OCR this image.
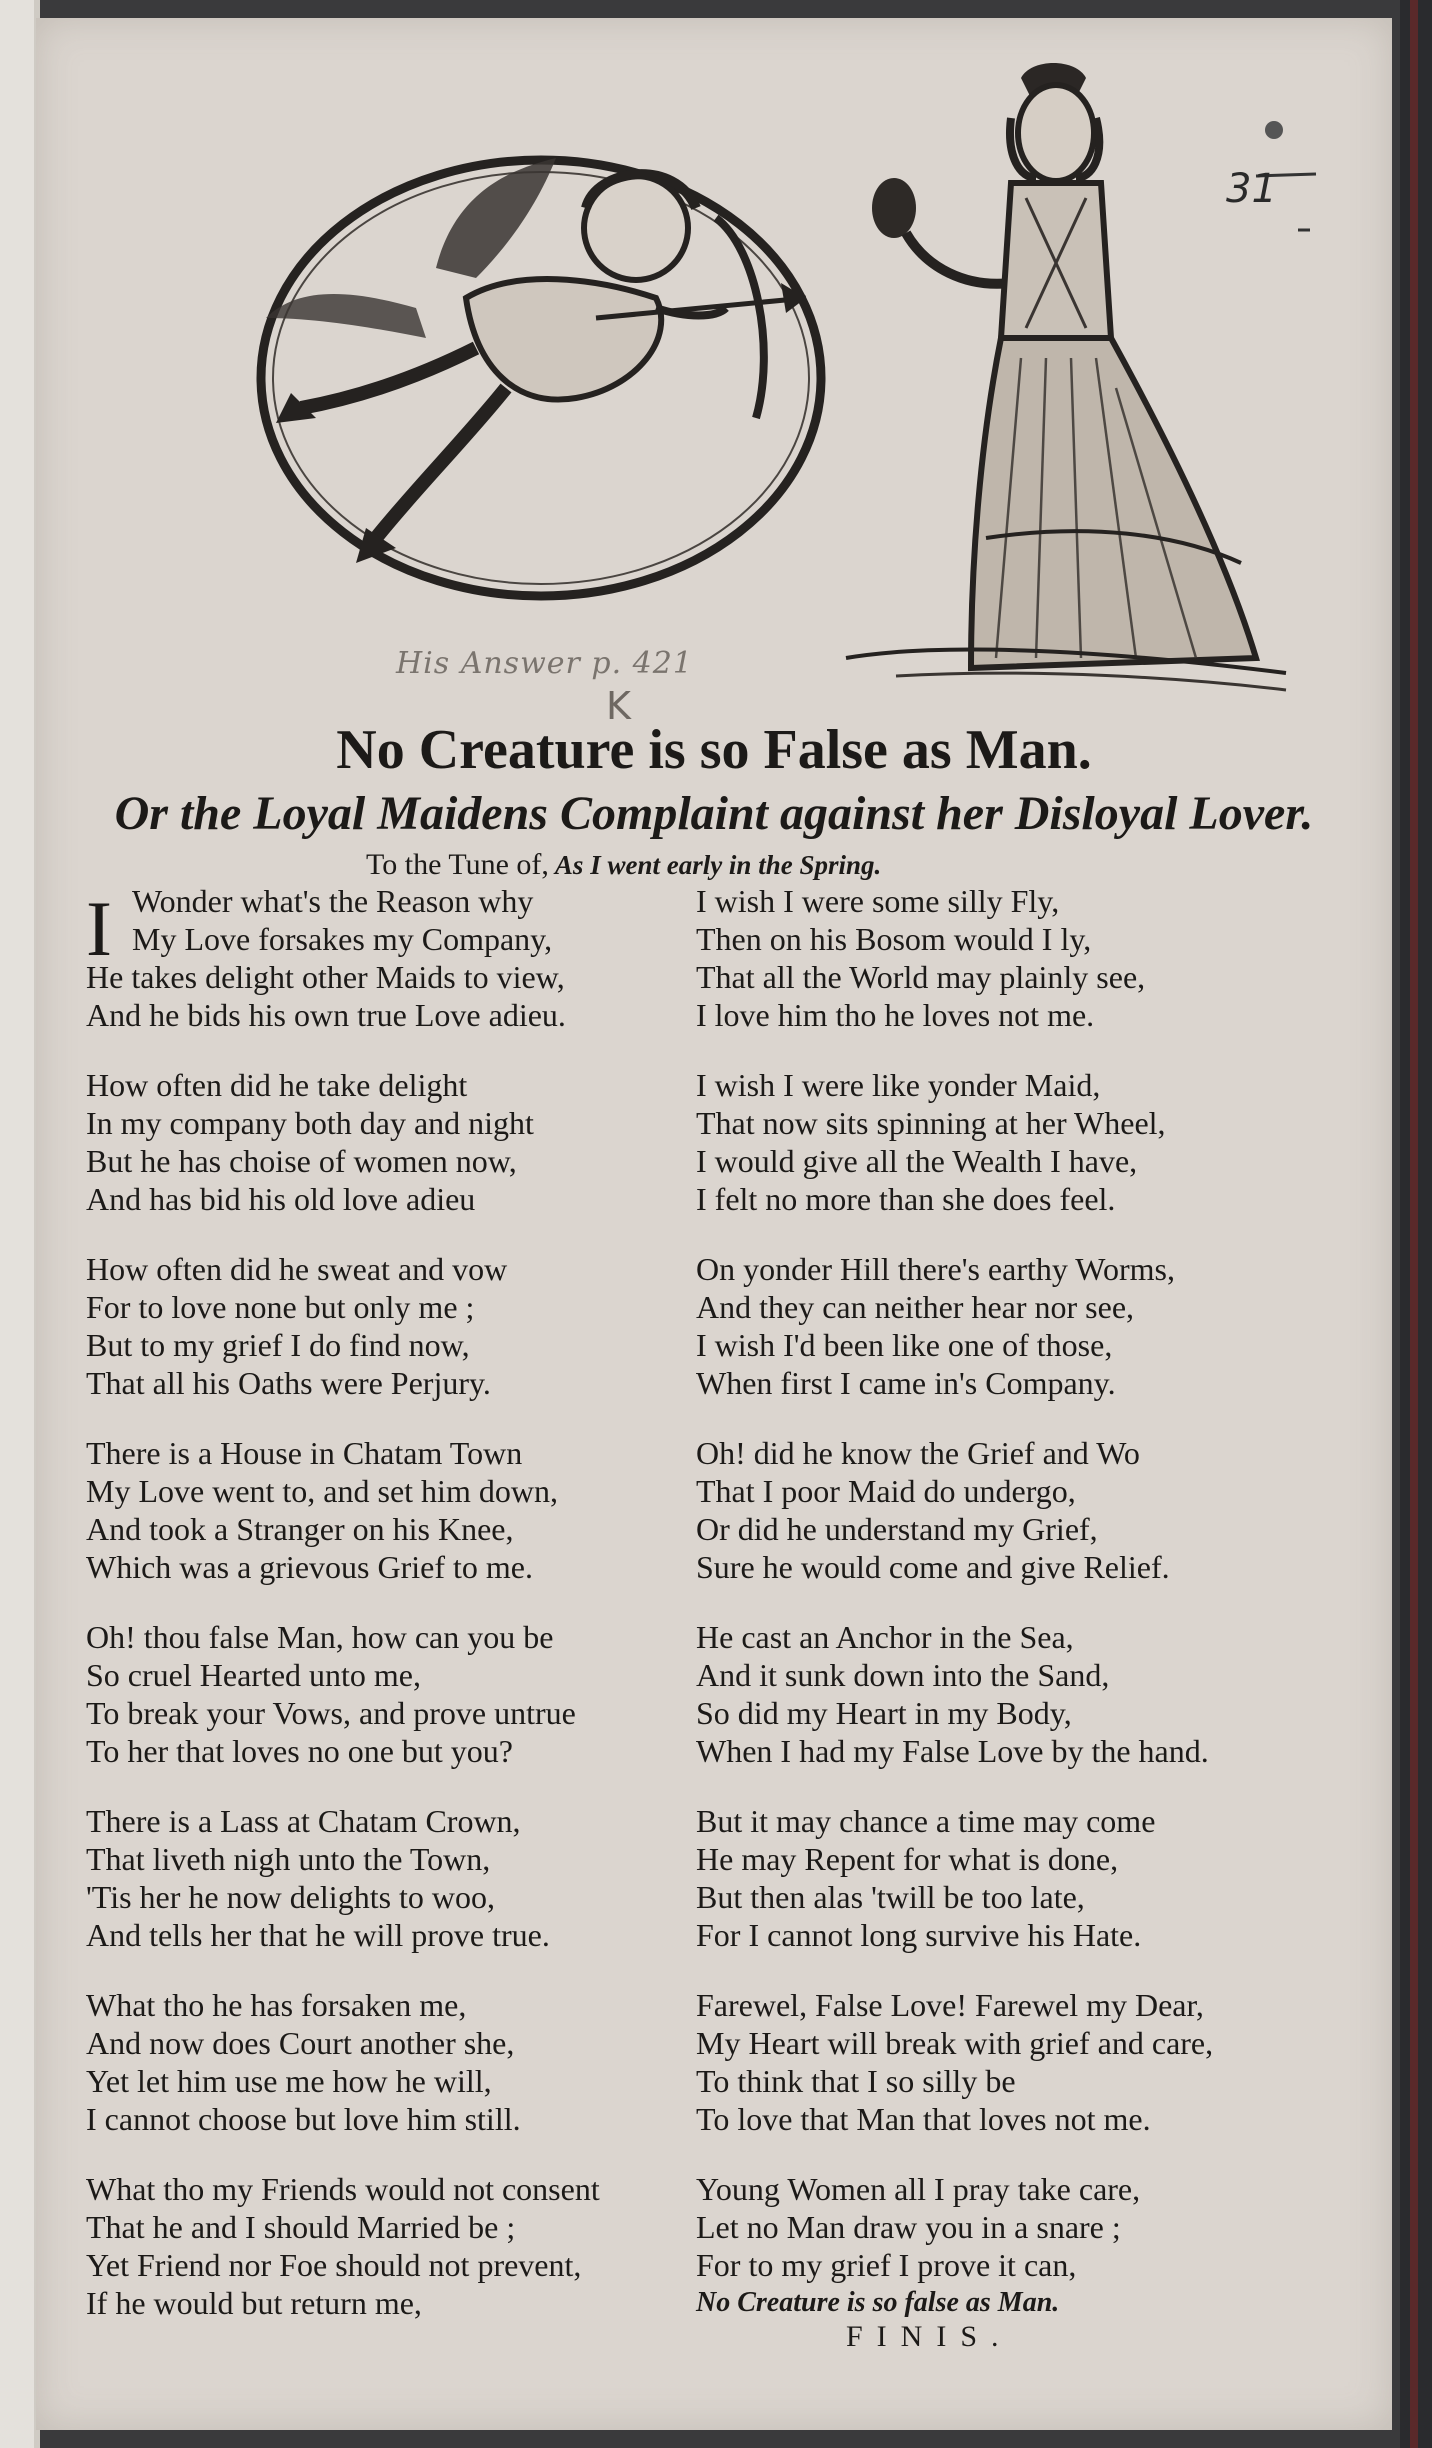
31
His Answer p. 421
K
No Creature is so False as Man.
Or the Loyal Maidens Complaint against her Disloyal Lover.
To the Tune of, As I went early in the Spring.
I Wonder what's the Reason why
My Love forsakes my Company,
He takes delight other Maids to view,
And he bids his own true Love adieu.
How often did he take delight
In my company both day and night
But he has choise of women now,
And has bid his old love adieu
How often did he sweat and vow
For to love none but only me ;
But to my grief I do find now,
That all his Oaths were Perjury.
There is a House in Chatam Town
My Love went to, and set him down,
And took a Stranger on his Knee,
Which was a grievous Grief to me.
Oh! thou false Man, how can you be
So cruel Hearted unto me,
To break your Vows, and prove untrue
To her that loves no one but you?
There is a Lass at Chatam Crown,
That liveth nigh unto the Town,
'Tis her he now delights to woo,
And tells her that he will prove true.
What tho he has forsaken me,
And now does Court another she,
Yet let him use me how he will,
I cannot choose but love him still.
What tho my Friends would not consent
That he and I should Married be ;
Yet Friend nor Foe should not prevent,
If he would but return me,
I wish I were some silly Fly,
Then on his Bosom would I ly,
That all the World may plainly see,
I love him tho he loves not me.
I wish I were like yonder Maid,
That now sits spinning at her Wheel,
I would give all the Wealth I have,
I felt no more than she does feel.
On yonder Hill there's earthy Worms,
And they can neither hear nor see,
I wish I'd been like one of those,
When first I came in's Company.
Oh! did he know the Grief and Wo
That I poor Maid do undergo,
Or did he understand my Grief,
Sure he would come and give Relief.
He cast an Anchor in the Sea,
And it sunk down into the Sand,
So did my Heart in my Body,
When I had my False Love by the hand.
But it may chance a time may come
He may Repent for what is done,
But then alas 'twill be too late,
For I cannot long survive his Hate.
Farewel, False Love! Farewel my Dear,
My Heart will break with grief and care,
To think that I so silly be
To love that Man that loves not me.
Young Women all I pray take care,
Let no Man draw you in a snare ;
For to my grief I prove it can,
No Creature is so false as Man.
FINIS.
